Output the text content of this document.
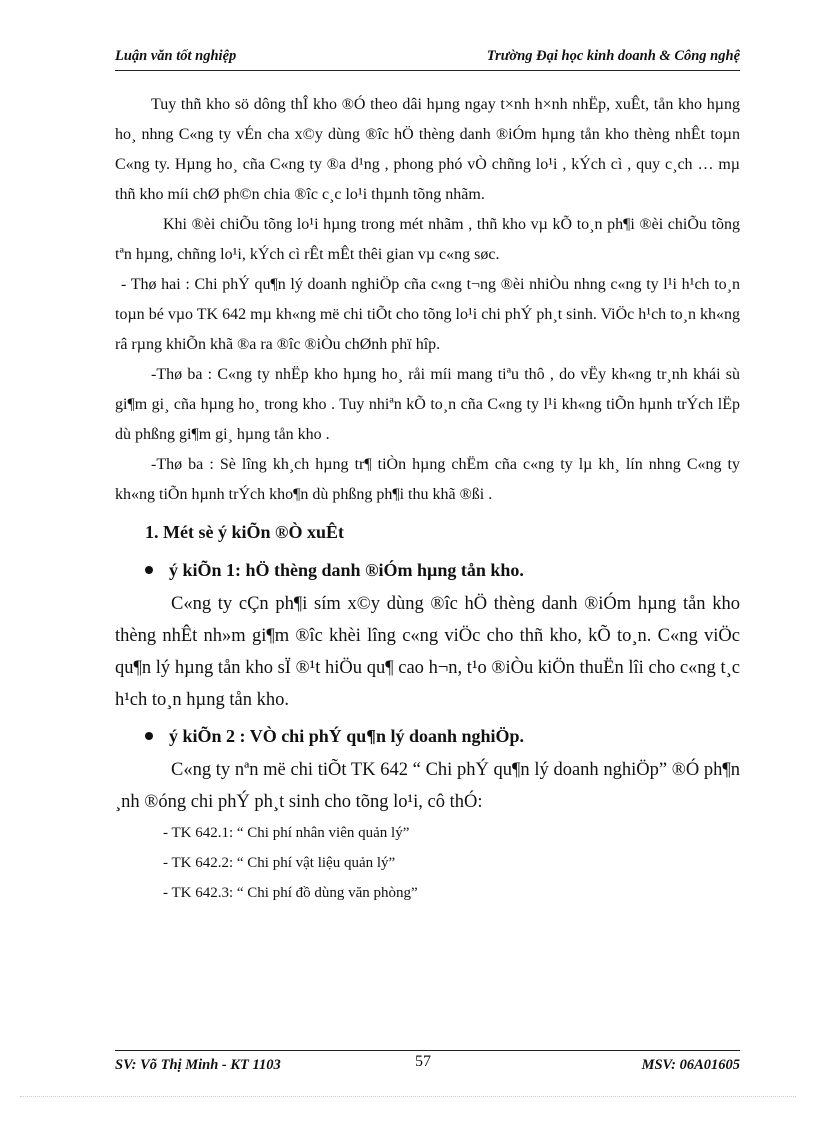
Luận văn tốt nghiệp	Trường Đại học kinh doanh & Công nghệ

Tuy thñ kho sö dông thÎ kho ®Ó theo dâi hµng ngay t×nh h×nh nhËp, xuÊt, tån kho hµng ho¸ nhng C«ng ty vÉn cha x©y dùng ®îc hÖ thèng danh ®iÓm hµng tån kho thèng nhÊt toµn C«ng ty. Hµng ho¸ cña C«ng ty ®a d¹ng , phong phó vÒ chñng lo¹i , kÝch cì , quy c¸ch … mµ thñ kho míi chØ ph©n chia ®îc c¸c lo¹i thµnh tõng nhãm.

Khi ®èi chiÕu tõng lo¹i hµng trong mét nhãm , thñ kho vµ kÕ to¸n ph¶i ®èi chiÕu tõng tªn hµng, chñng lo¹i, kÝch cì rÊt mÊt thêi gian vµ c«ng søc.

- Thø hai : Chi phÝ qu¶n lý doanh nghiÖp cña c«ng t¬ng ®èi nhiÒu nhng c«ng ty l¹i h¹ch to¸n toµn bé vµo TK 642 mµ kh«ng më chi tiÕt cho tõng lo¹i chi phÝ ph¸t sinh. ViÖc h¹ch to¸n kh«ng râ rµng khiÕn khã ®a ra ®îc ®iÒu chØnh phï hîp.

-Thø ba : C«ng ty nhËp kho hµng ho¸ råi míi mang tiªu thô , do vËy kh«ng tr¸nh khái sù gi¶m gi¸ cña hµng ho¸ trong kho . Tuy nhiªn kÕ to¸n cña C«ng ty l¹i kh«ng tiÕn hµnh trÝch lËp dù phßng gi¶m gi¸ hµng tån kho .

-Thø ba : Sè lîng kh¸ch hµng tr¶ tiÒn hµng chËm cña c«ng ty lµ kh¸ lín nhng C«ng ty kh«ng tiÕn hµnh trÝch kho¶n dù phßng ph¶i thu khã ®ßi .

1. Mét sè ý kiÕn ®Ò xuÊt
ý kiÕn 1: hÖ thèng danh ®iÓm hµng tån kho.

C«ng ty cÇn ph¶i sím x©y dùng ®îc hÖ thèng danh ®iÓm hµng tån kho thèng nhÊt nh»m gi¶m ®îc khèi lîng c«ng viÖc cho thñ kho, kÕ to¸n. C«ng viÖc qu¶n lý hµng tån kho sÏ ®¹t hiÖu qu¶ cao h¬n, t¹o ®iÒu kiÖn thuËn lîi cho c«ng t¸c h¹ch to¸n hµng tån kho.

ý kiÕn 2 : VÒ chi phÝ qu¶n lý doanh nghiÖp.

C«ng ty nªn më chi tiÕt TK 642 “ Chi phÝ qu¶n lý doanh nghiÖp” ®Ó ph¶n ¸nh ®óng chi phÝ ph¸t sinh cho tõng lo¹i, cô thÓ:

- TK 642.1: “ Chi phí nhân viên quản lý”

- TK 642.2: “ Chi phí vật liệu quản lý”

- TK 642.3: “ Chi phí đồ dùng văn phòng”

SV: Võ Thị Minh - KT 1103	57	MSV: 06A01605
